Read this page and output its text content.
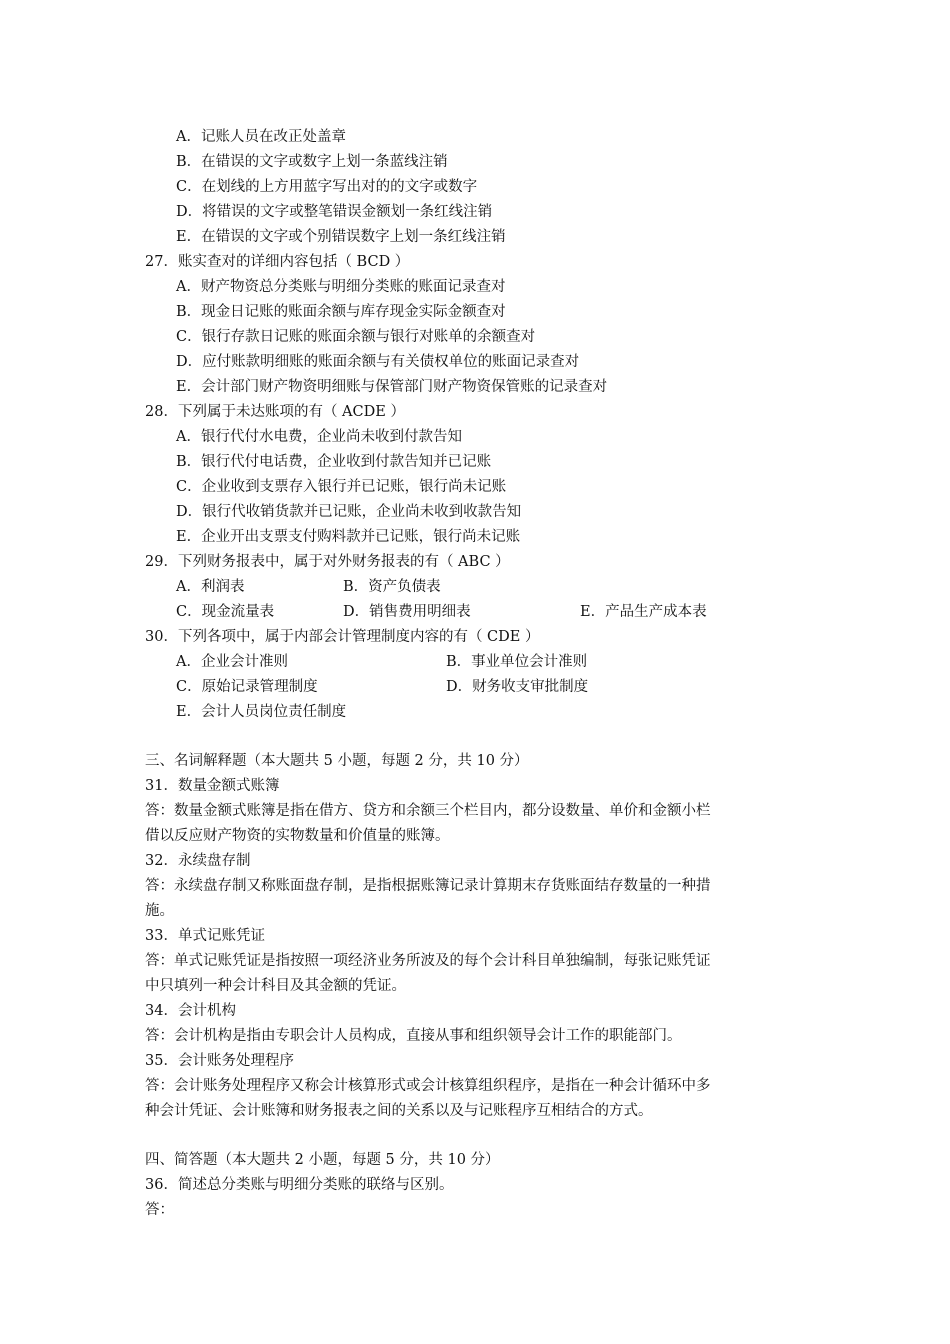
A．记账人员在改正处盖章
B．在错误的文字或数字上划一条蓝线注销
C．在划线的上方用蓝字写出对的的文字或数字
D．将错误的文字或整笔错误金额划一条红线注销
E．在错误的文字或个别错误数字上划一条红线注销
27．账实查对的详细内容包括（ BCD ）
A．财产物资总分类账与明细分类账的账面记录查对
B．现金日记账的账面余额与库存现金实际金额查对
C．银行存款日记账的账面余额与银行对账单的余额查对
D．应付账款明细账的账面余额与有关债权单位的账面记录查对
E．会计部门财产物资明细账与保管部门财产物资保管账的记录查对
28．下列属于未达账项的有（ ACDE ）
A．银行代付水电费，企业尚未收到付款告知
B．银行代付电话费，企业收到付款告知并已记账
C．企业收到支票存入银行并已记账，银行尚未记账
D．银行代收销货款并已记账，企业尚未收到收款告知
E．企业开出支票支付购料款并已记账，银行尚未记账
29．下列财务报表中，属于对外财务报表的有（ ABC ）
A．利润表	B．资产负债表
C．现金流量表	D．销售费用明细表	E．产品生产成本表
30．下列各项中，属于内部会计管理制度内容的有（ CDE ）
A．企业会计准则	B．事业单位会计准则
C．原始记录管理制度	D．财务收支审批制度
E．会计人员岗位责任制度
三、名词解释题（本大题共 5 小题，每题 2 分，共 10 分）
31．数量金额式账簿
答：数量金额式账簿是指在借方、贷方和余额三个栏目内，都分设数量、单价和金额小栏
借以反应财产物资的实物数量和价值量的账簿。
32．永续盘存制
答：永续盘存制又称账面盘存制，是指根据账簿记录计算期末存货账面结存数量的一种措
施。
33．单式记账凭证
答：单式记账凭证是指按照一项经济业务所波及的每个会计科目单独编制，每张记账凭证
中只填列一种会计科目及其金额的凭证。
34．会计机构
答：会计机构是指由专职会计人员构成，直接从事和组织领导会计工作的职能部门。
35．会计账务处理程序
答：会计账务处理程序又称会计核算形式或会计核算组织程序，是指在一种会计循环中多
种会计凭证、会计账簿和财务报表之间的关系以及与记账程序互相结合的方式。
四、简答题（本大题共 2 小题，每题 5 分，共 10 分）
36．简述总分类账与明细分类账的联络与区别。
答：
